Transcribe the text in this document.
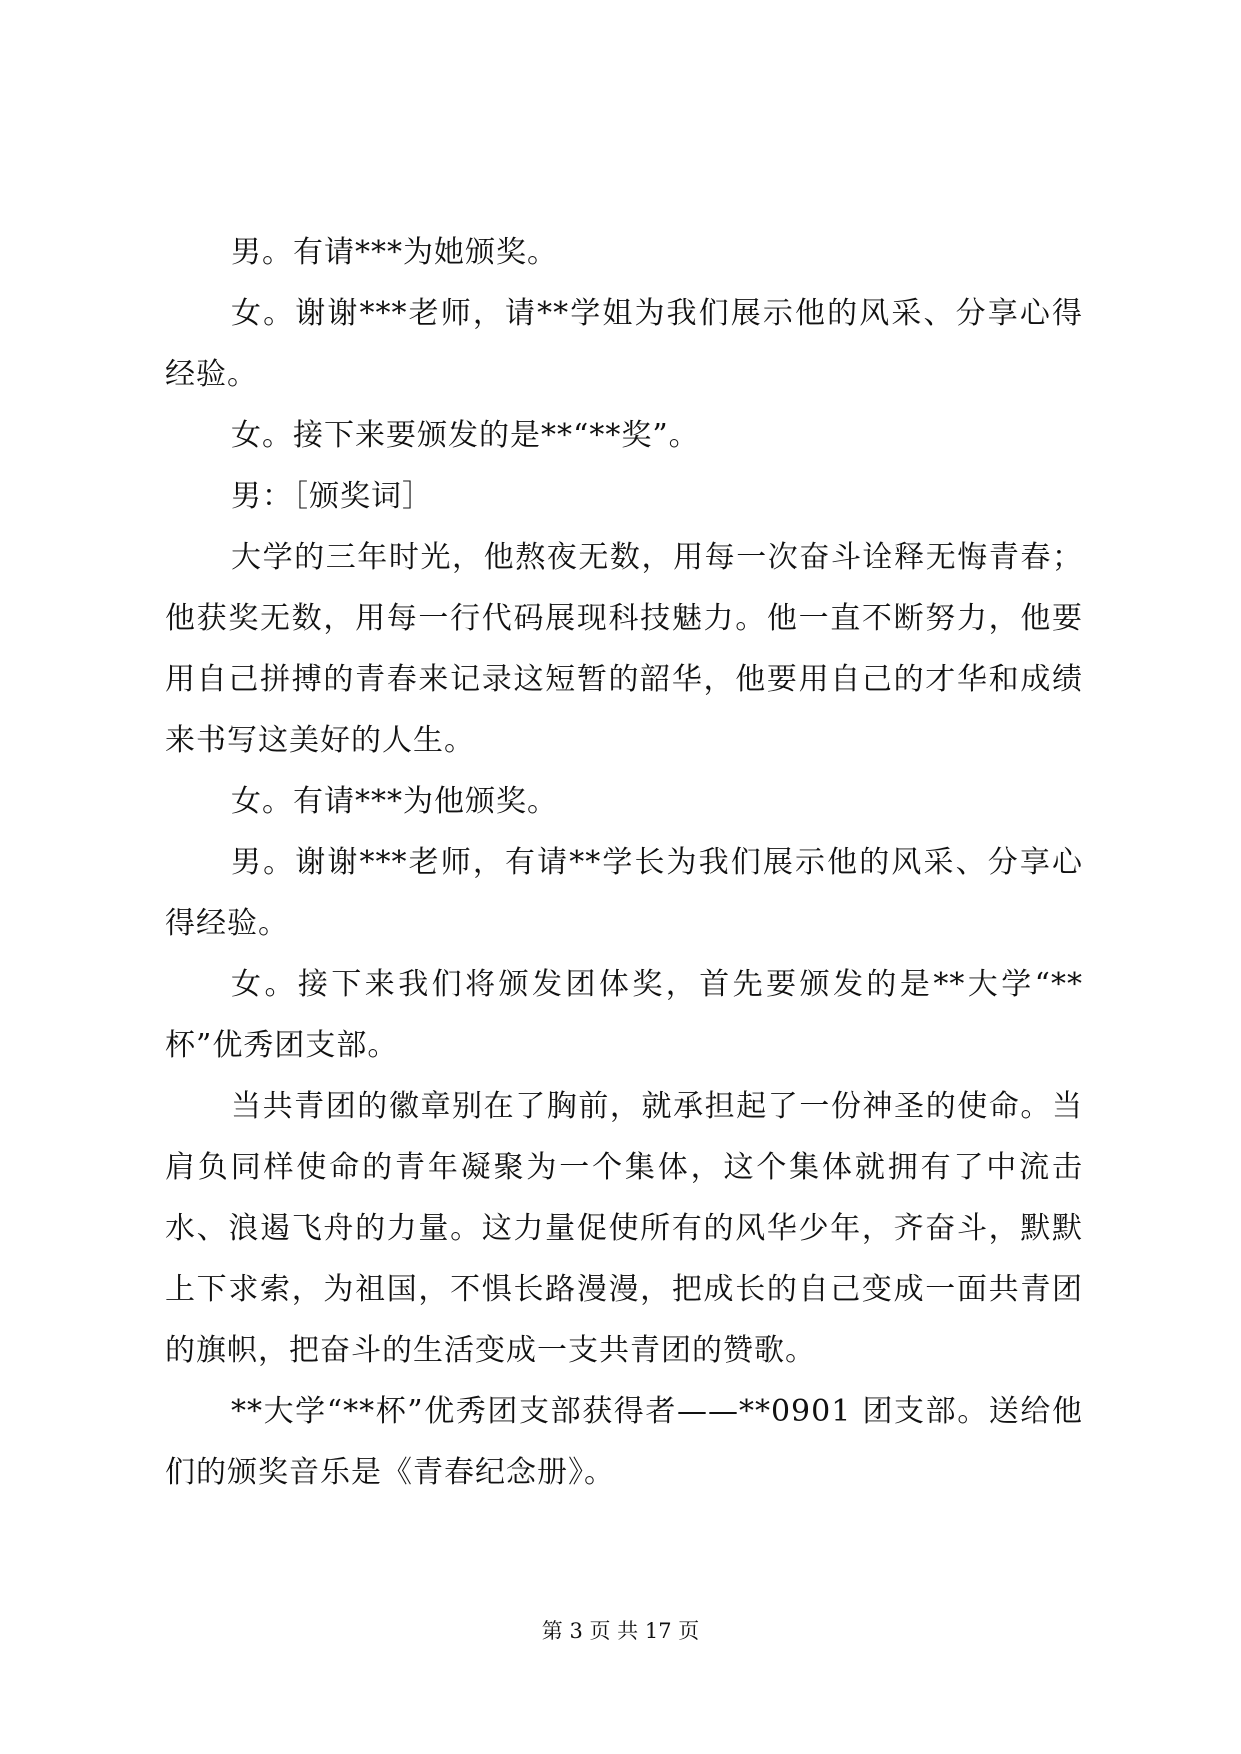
男。有请***为她颁奖。

女。谢谢***老师，请**学姐为我们展示他的风采、分享心得经验。

女。接下来要颁发的是**“**奖”。

男：［颁奖词］

大学的三年时光，他熬夜无数，用每一次奋斗诠释无悔青春；他获奖无数，用每一行代码展现科技魅力。他一直不断努力，他要用自己拼搏的青春来记录这短暂的韶华，他要用自己的才华和成绩来书写这美好的人生。

女。有请***为他颁奖。

男。谢谢***老师，有请**学长为我们展示他的风采、分享心得经验。

女。接下来我们将颁发团体奖，首先要颁发的是**大学“**杯”优秀团支部。

当共青团的徽章别在了胸前，就承担起了一份神圣的使命。当肩负同样使命的青年凝聚为一个集体，这个集体就拥有了中流击水、浪遏飞舟的力量。这力量促使所有的风华少年，齐奋斗，默默上下求索，为祖国，不惧长路漫漫，把成长的自己变成一面共青团的旗帜，把奋斗的生活变成一支共青团的赞歌。

**大学“**杯”优秀团支部获得者——**0901 团支部。送给他们的颁奖音乐是《青春纪念册》。

第 3 页 共 17 页
